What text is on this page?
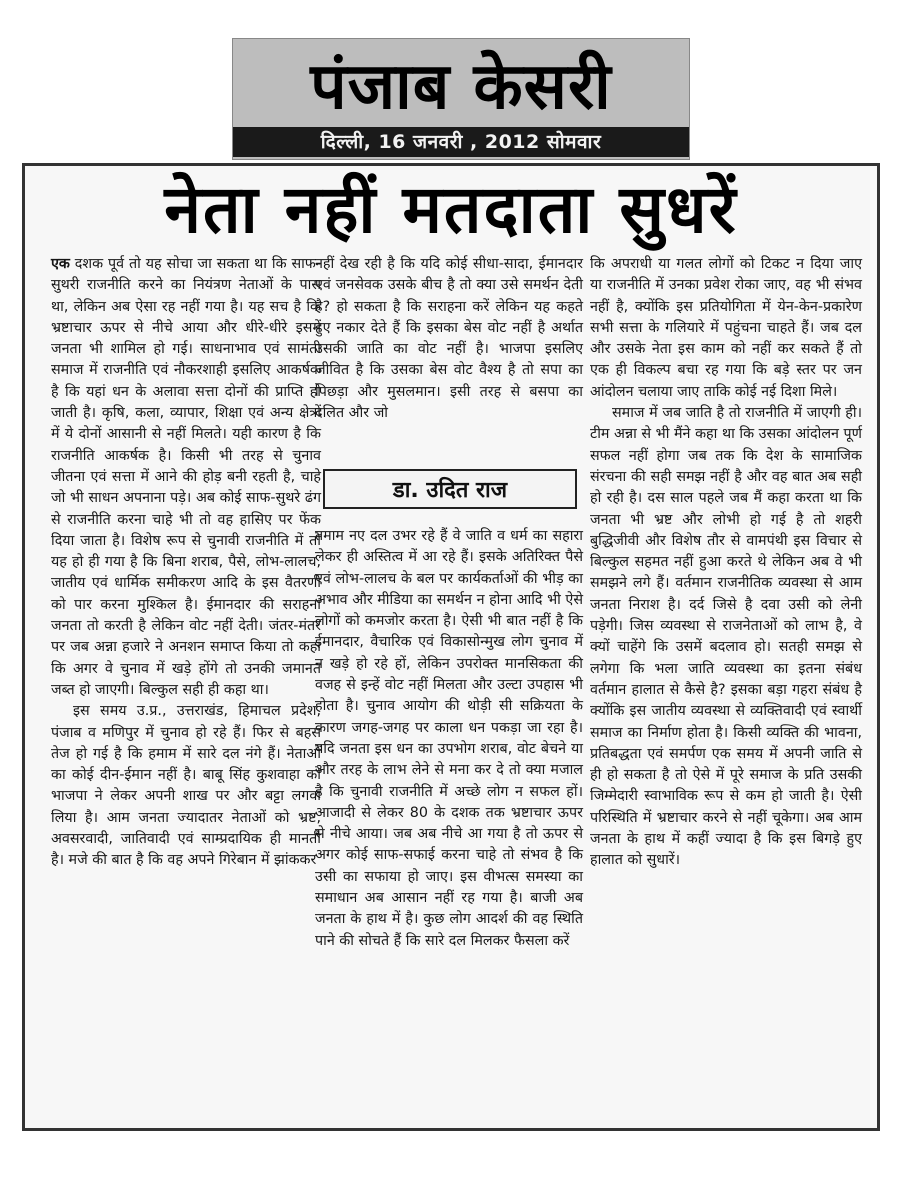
पंजाब केसरी
दिल्ली, 16 जनवरी , 2012 सोमवार
नेता नहीं मतदाता सुधरें

एक दशक पूर्व तो यह सोचा जा सकता था कि साफ-सुथरी राजनीति करने का नियंत्रण नेताओं के पास था, लेकिन अब ऐसा रह नहीं गया है। यह सच है कि भ्रष्टाचार ऊपर से नीचे आया और धीरे-धीरे इसमें जनता भी शामिल हो गई। साधनाभाव एवं सामंती समाज में राजनीति एवं नौकरशाही इसलिए आकर्षक है कि यहां धन के अलावा सत्ता दोनों की प्राप्ति हो जाती है। कृषि, कला, व्यापार, शिक्षा एवं अन्य क्षेत्रों में ये दोनों आसानी से नहीं मिलते। यही कारण है कि राजनीति आकर्षक है। किसी भी तरह से चुनाव जीतना एवं सत्ता में आने की होड़ बनी रहती है, चाहे जो भी साधन अपनाना पड़े। अब कोई साफ-सुथरे ढंग से राजनीति करना चाहे भी तो वह हासिए पर फेंक दिया जाता है। विशेष रूप से चुनावी राजनीति में तो यह हो ही गया है कि बिना शराब, पैसे, लोभ-लालच, जातीय एवं धार्मिक समीकरण आदि के इस वैतरणी को पार करना मुश्किल है। ईमानदार की सराहना जनता तो करती है लेकिन वोट नहीं देती। जंतर-मंतर पर जब अन्ना हजारे ने अनशन समाप्त किया तो कहा कि अगर वे चुनाव में खड़े होंगे तो उनकी जमानत जब्त हो जाएगी। बिल्कुल सही ही कहा था।

इस समय उ.प्र., उत्तराखंड, हिमाचल प्रदेश, पंजाब व मणिपुर में चुनाव हो रहे हैं। फिर से बहस तेज हो गई है कि हमाम में सारे दल नंगे हैं। नेताओं का कोई दीन-ईमान नहीं है। बाबू सिंह कुशवाहा को भाजपा ने लेकर अपनी शाख पर और बट्टा लगवा लिया है। आम जनता ज्यादातर नेताओं को भ्रष्ट, अवसरवादी, जातिवादी एवं साम्प्रदायिक ही मानती है। मजे की बात है कि वह अपने गिरेबान में झांककर

नहीं देख रही है कि यदि कोई सीधा-सादा, ईमानदार एवं जनसेवक उसके बीच है तो क्या उसे समर्थन देती है? हो सकता है कि सराहना करें लेकिन यह कहते हुए नकार देते हैं कि इसका बेस वोट नहीं है अर्थात उसकी जाति का वोट नहीं है। भाजपा इसलिए जीवित है कि उसका बेस वोट वैश्य है तो सपा का पिछड़ा और मुसलमान। इसी तरह से बसपा का दलित और जो

डा. उदित राज

तमाम नए दल उभर रहे हैं वे जाति व धर्म का सहारा लेकर ही अस्तित्व में आ रहे हैं। इसके अतिरिक्त पैसे एवं लोभ-लालच के बल पर कार्यकर्ताओं की भीड़ का अभाव और मीडिया का समर्थन न होना आदि भी ऐसे लोगों को कमजोर करता है। ऐसी भी बात नहीं है कि ईमानदार, वैचारिक एवं विकासोन्मुख लोग चुनाव में न खड़े हो रहे हों, लेकिन उपरोक्त मानसिकता की वजह से इन्हें वोट नहीं मिलता और उल्टा उपहास भी होता है। चुनाव आयोग की थोड़ी सी सक्रियता के कारण जगह-जगह पर काला धन पकड़ा जा रहा है। यदि जनता इस धन का उपभोग शराब, वोट बेचने या और तरह के लाभ लेने से मना कर दे तो क्या मजाल है कि चुनावी राजनीति में अच्छे लोग न सफल हों। आजादी से लेकर 80 के दशक तक भ्रष्टाचार ऊपर से नीचे आया। जब अब नीचे आ गया है तो ऊपर से अगर कोई साफ-सफाई करना चाहे तो संभव है कि उसी का सफाया हो जाए। इस वीभत्स समस्या का समाधान अब आसान नहीं रह गया है। बाजी अब जनता के हाथ में है। कुछ लोग आदर्श की वह स्थिति पाने की सोचते हैं कि सारे दल मिलकर फैसला करें

कि अपराधी या गलत लोगों को टिकट न दिया जाए या राजनीति में उनका प्रवेश रोका जाए, वह भी संभव नहीं है, क्योंकि इस प्रतियोगिता में येन-केन-प्रकारेण सभी सत्ता के गलियारे में पहुंचना चाहते हैं। जब दल और उसके नेता इस काम को नहीं कर सकते हैं तो एक ही विकल्प बचा रह गया कि बड़े स्तर पर जन आंदोलन चलाया जाए ताकि कोई नई दिशा मिले।

समाज में जब जाति है तो राजनीति में जाएगी ही। टीम अन्ना से भी मैंने कहा था कि उसका आंदोलन पूर्ण सफल नहीं होगा जब तक कि देश के सामाजिक संरचना की सही समझ नहीं है और वह बात अब सही हो रही है। दस साल पहले जब मैं कहा करता था कि जनता भी भ्रष्ट और लोभी हो गई है तो शहरी बुद्धिजीवी और विशेष तौर से वामपंथी इस विचार से बिल्कुल सहमत नहीं हुआ करते थे लेकिन अब वे भी समझने लगे हैं। वर्तमान राजनीतिक व्यवस्था से आम जनता निराश है। दर्द जिसे है दवा उसी को लेनी पड़ेगी। जिस व्यवस्था से राजनेताओं को लाभ है, वे क्यों चाहेंगे कि उसमें बदलाव हो। सतही समझ से लगेगा कि भला जाति व्यवस्था का इतना संबंध वर्तमान हालात से कैसे है? इसका बड़ा गहरा संबंध है क्योंकि इस जातीय व्यवस्था से व्यक्तिवादी एवं स्वार्थी समाज का निर्माण होता है। किसी व्यक्ति की भावना, प्रतिबद्धता एवं समर्पण एक समय में अपनी जाति से ही हो सकता है तो ऐसे में पूरे समाज के प्रति उसकी जिम्मेदारी स्वाभाविक रूप से कम हो जाती है। ऐसी परिस्थिति में भ्रष्टाचार करने से नहीं चूकेगा। अब आम जनता के हाथ में कहीं ज्यादा है कि इस बिगड़े हुए हालात को सुधारें।
